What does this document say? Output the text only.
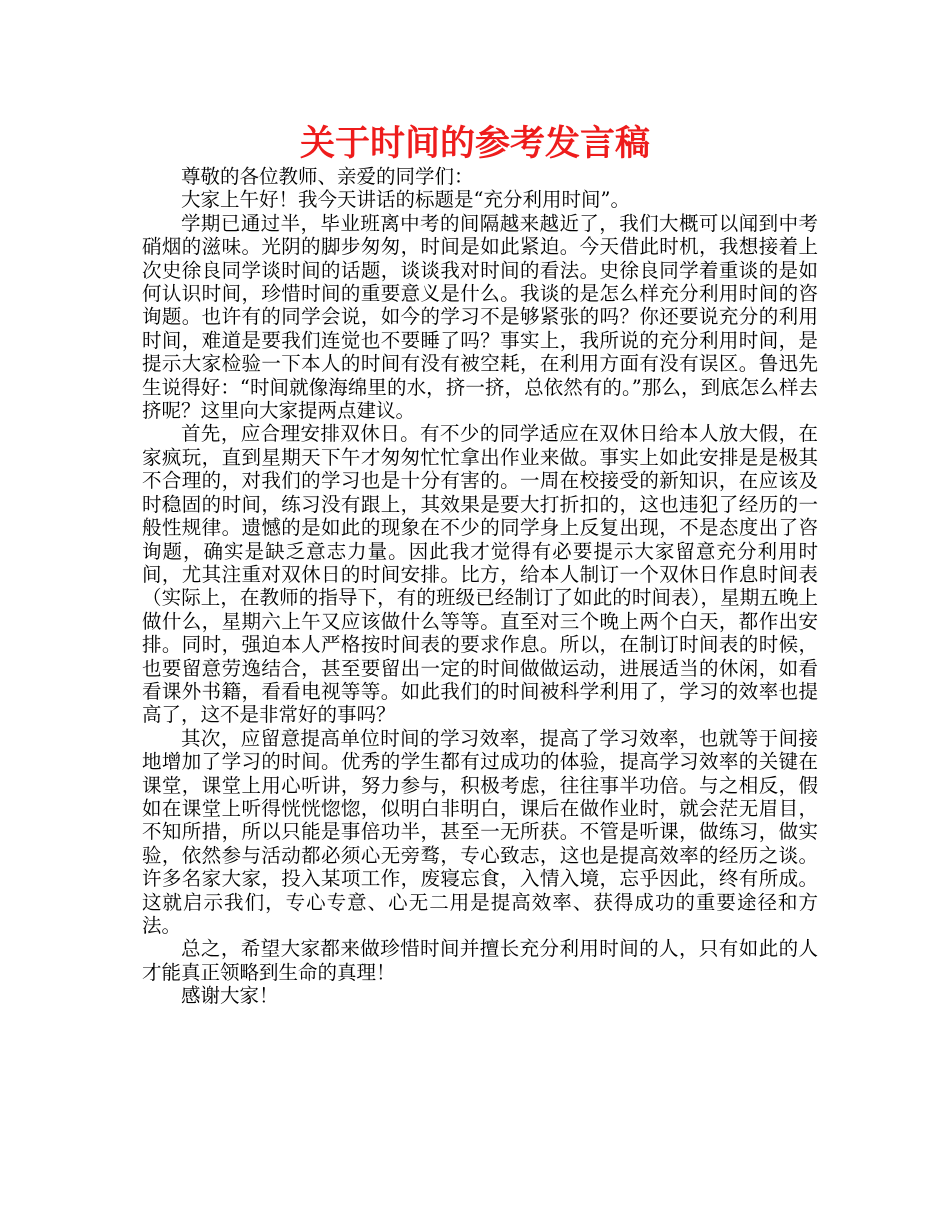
关于时间的参考发言稿

尊敬的各位教师、亲爱的同学们：

大家上午好！我今天讲话的标题是“充分利用时间”。

学期已通过半，毕业班离中考的间隔越来越近了，我们大概可以闻到中考硝烟的滋味。光阴的脚步匆匆，时间是如此紧迫。今天借此时机，我想接着上次史徐良同学谈时间的话题，谈谈我对时间的看法。史徐良同学着重谈的是如何认识时间，珍惜时间的重要意义是什么。我谈的是怎么样充分利用时间的咨询题。也许有的同学会说，如今的学习不是够紧张的吗？你还要说充分的利用时间，难道是要我们连觉也不要睡了吗？事实上，我所说的充分利用时间，是提示大家检验一下本人的时间有没有被空耗，在利用方面有没有误区。鲁迅先生说得好：“时间就像海绵里的水，挤一挤，总依然有的。”那么，到底怎么样去挤呢？这里向大家提两点建议。

首先，应合理安排双休日。有不少的同学适应在双休日给本人放大假，在家疯玩，直到星期天下午才匆匆忙忙拿出作业来做。事实上如此安排是是极其不合理的，对我们的学习也是十分有害的。一周在校接受的新知识，在应该及时稳固的时间，练习没有跟上，其效果是要大打折扣的，这也违犯了经历的一般性规律。遗憾的是如此的现象在不少的同学身上反复出现，不是态度出了咨询题，确实是缺乏意志力量。因此我才觉得有必要提示大家留意充分利用时间，尤其注重对双休日的时间安排。比方，给本人制订一个双休日作息时间表（实际上，在教师的指导下，有的班级已经制订了如此的时间表），星期五晚上做什么，星期六上午又应该做什么等等。直至对三个晚上两个白天，都作出安排。同时，强迫本人严格按时间表的要求作息。所以，在制订时间表的时候，也要留意劳逸结合，甚至要留出一定的时间做做运动，进展适当的休闲，如看看课外书籍，看看电视等等。如此我们的时间被科学利用了，学习的效率也提高了，这不是非常好的事吗？

其次，应留意提高单位时间的学习效率，提高了学习效率，也就等于间接地增加了学习的时间。优秀的学生都有过成功的体验，提高学习效率的关键在课堂，课堂上用心听讲，努力参与，积极考虑，往往事半功倍。与之相反，假如在课堂上听得恍恍惚惚，似明白非明白，课后在做作业时，就会茫无眉目，不知所措，所以只能是事倍功半，甚至一无所获。不管是听课，做练习，做实验，依然参与活动都必须心无旁骛，专心致志，这也是提高效率的经历之谈。许多名家大家，投入某项工作，废寝忘食，入情入境，忘乎因此，终有所成。这就启示我们，专心专意、心无二用是提高效率、获得成功的重要途径和方法。

总之，希望大家都来做珍惜时间并擅长充分利用时间的人，只有如此的人才能真正领略到生命的真理！

感谢大家！
